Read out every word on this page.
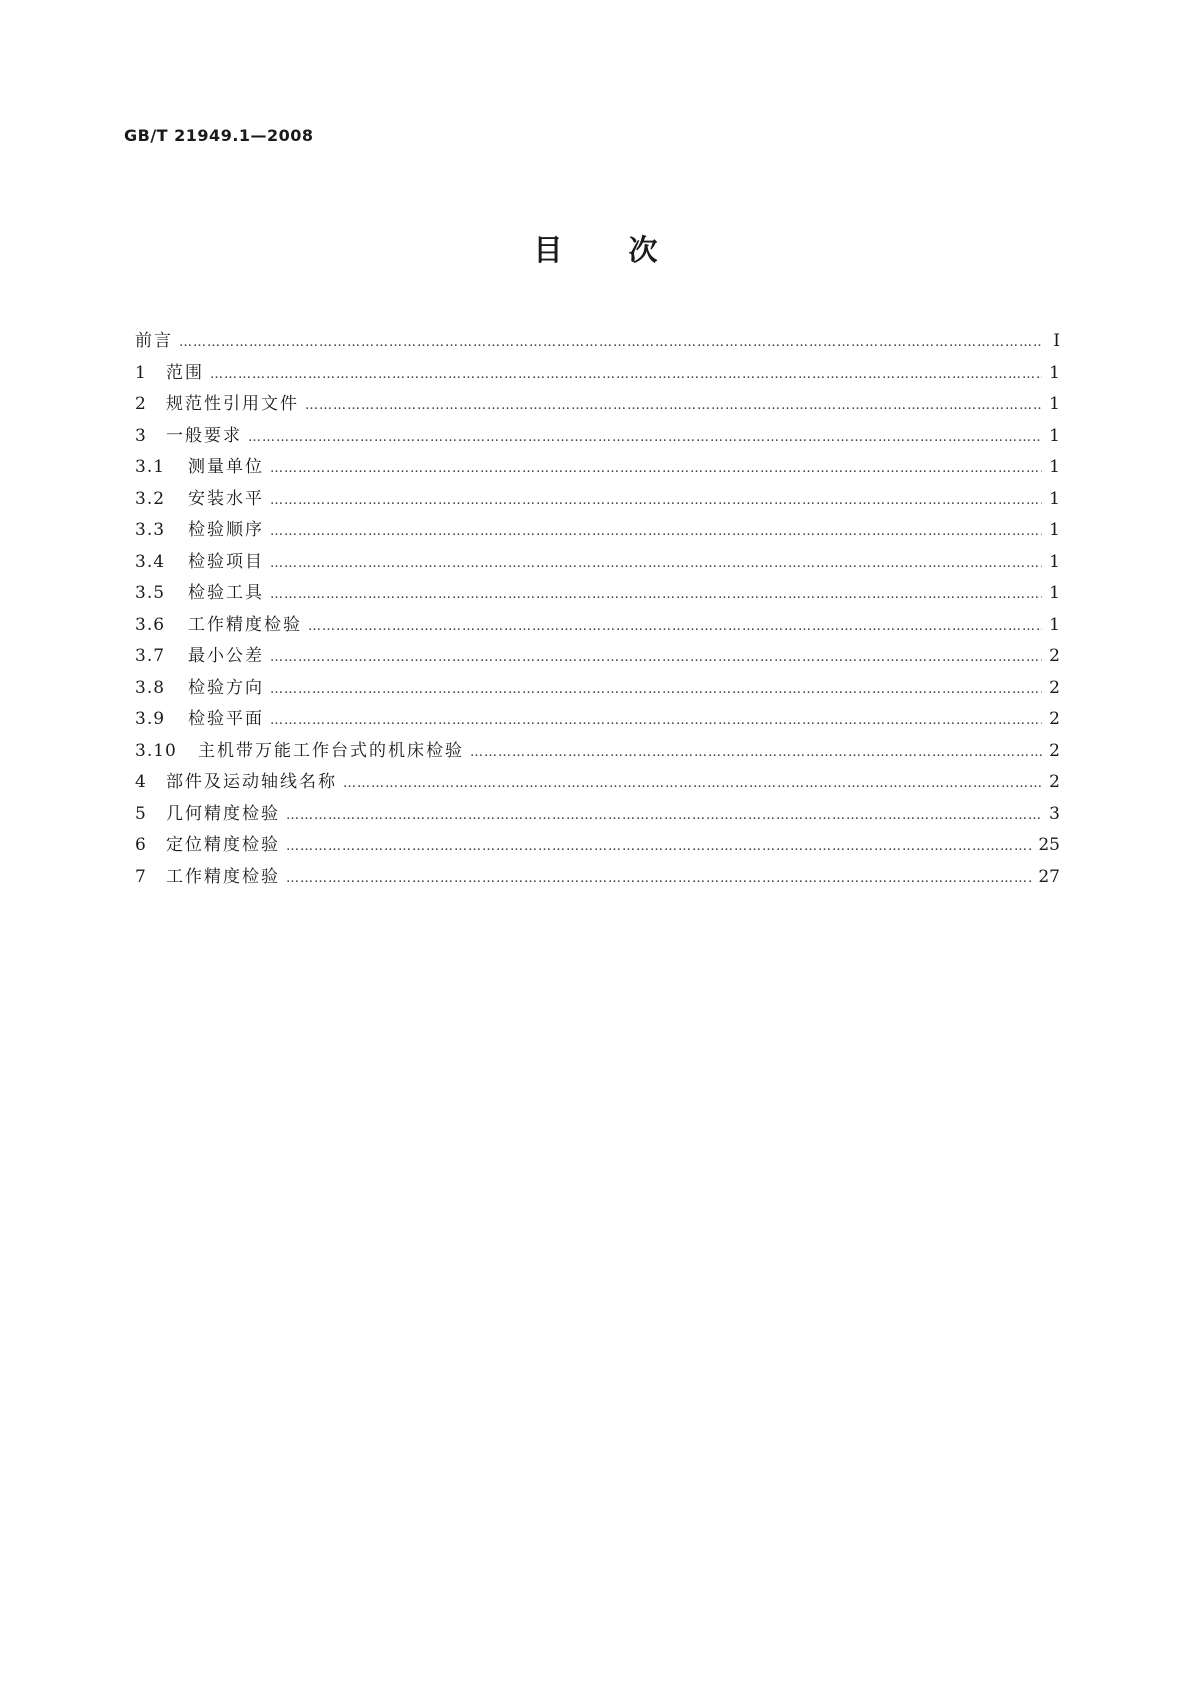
GB/T 21949.1—2008
目 次
前言 …………………………………………………………………………………………………………………………………………………………………………………………………………………………………	Ⅰ
1	范围 …………………………………………………………………………………………………………………………………………………………………………………………………………………………………	1
2	规范性引用文件 …………………………………………………………………………………………………………………………………………………………………………………………………………………………………	1
3	一般要求 …………………………………………………………………………………………………………………………………………………………………………………………………………………………………	1
3.1	测量单位 …………………………………………………………………………………………………………………………………………………………………………………………………………………………………	1
3.2	安装水平 …………………………………………………………………………………………………………………………………………………………………………………………………………………………………	1
3.3	检验顺序 …………………………………………………………………………………………………………………………………………………………………………………………………………………………………	1
3.4	检验项目 …………………………………………………………………………………………………………………………………………………………………………………………………………………………………	1
3.5	检验工具 …………………………………………………………………………………………………………………………………………………………………………………………………………………………………	1
3.6	工作精度检验 …………………………………………………………………………………………………………………………………………………………………………………………………………………………………	1
3.7	最小公差 …………………………………………………………………………………………………………………………………………………………………………………………………………………………………	2
3.8	检验方向 …………………………………………………………………………………………………………………………………………………………………………………………………………………………………	2
3.9	检验平面 …………………………………………………………………………………………………………………………………………………………………………………………………………………………………	2
3.10	主机带万能工作台式的机床检验 …………………………………………………………………………………………………………………………………………………………………………………………………………………………………	2
4	部件及运动轴线名称 …………………………………………………………………………………………………………………………………………………………………………………………………………………………………	2
5	几何精度检验 …………………………………………………………………………………………………………………………………………………………………………………………………………………………………	3
6	定位精度检验 …………………………………………………………………………………………………………………………………………………………………………………………………………………………………	25
7	工作精度检验 …………………………………………………………………………………………………………………………………………………………………………………………………………………………………	27
